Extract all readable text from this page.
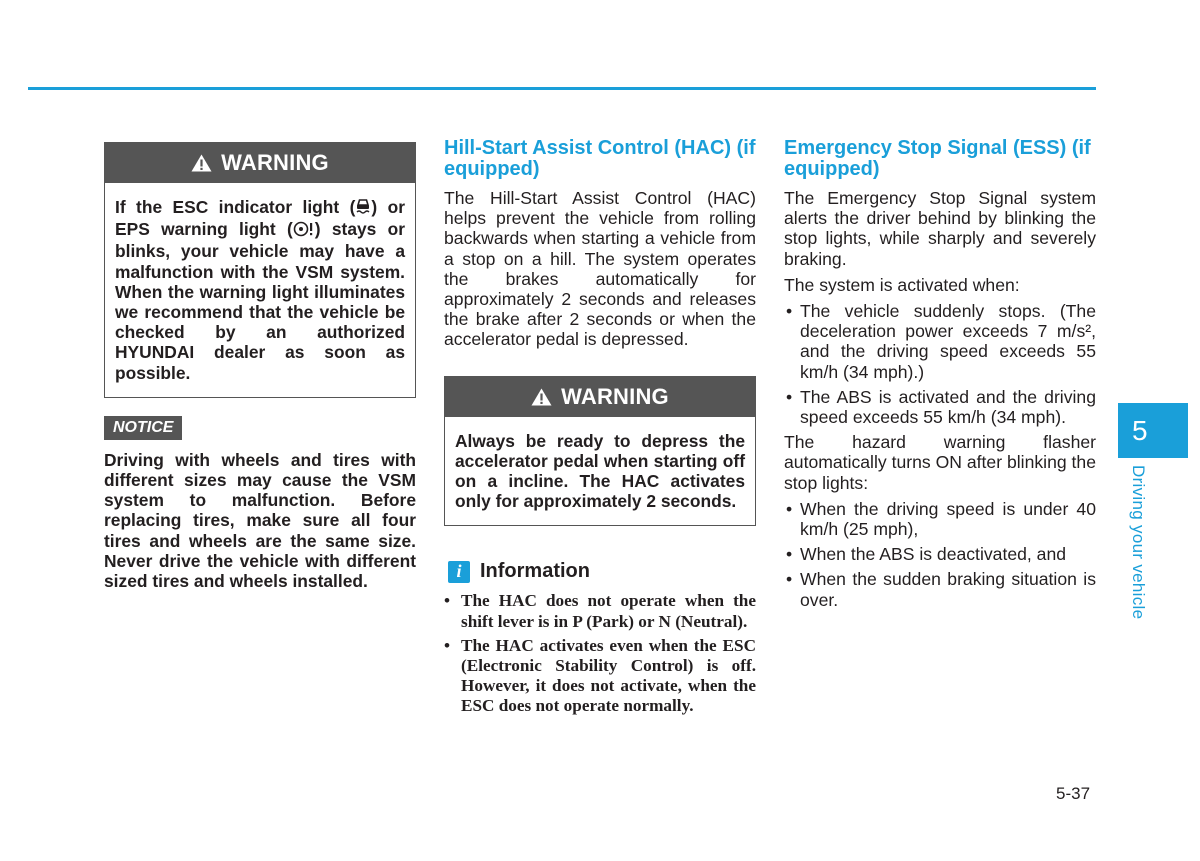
WARNING
If the ESC indicator light ( ) or EPS warning light ( ) stays or blinks, your vehicle may have a malfunction with the VSM system. When the warning light illuminates we recommend that the vehicle be checked by an authorized HYUNDAI dealer as soon as possible.
NOTICE
Driving with wheels and tires with different sizes may cause the VSM system to malfunction. Before replacing tires, make sure all four tires and wheels are the same size. Never drive the vehicle with different sized tires and wheels installed.
Hill-Start Assist Control (HAC) (if equipped)

The Hill-Start Assist Control (HAC) helps prevent the vehicle from rolling backwards when starting a vehicle from a stop on a hill. The system operates the brakes automatically for approximately 2 seconds and releases the brake after 2 seconds or when the accelerator pedal is depressed.

WARNING
Always be ready to depress the accelerator pedal when starting off on a incline. The HAC activates only for approximately 2 seconds.
i Information
• The HAC does not operate when the shift lever is in P (Park) or N (Neutral).
• The HAC activates even when the ESC (Electronic Stability Control) is off. However, it does not activate, when the ESC does not operate normally.
Emergency Stop Signal (ESS) (if equipped)

The Emergency Stop Signal system alerts the driver behind by blinking the stop lights, while sharply and severely braking.

The system is activated when:

• The vehicle suddenly stops. (The deceleration power exceeds 7 m/s², and the driving speed exceeds 55 km/h (34 mph).)
• The ABS is activated and the driving speed exceeds 55 km/h (34 mph).

The hazard warning flasher automatically turns ON after blinking the stop lights:

• When the driving speed is under 40 km/h (25 mph),
• When the ABS is deactivated, and
• When the sudden braking situation is over.
5
Driving your vehicle
5-37
